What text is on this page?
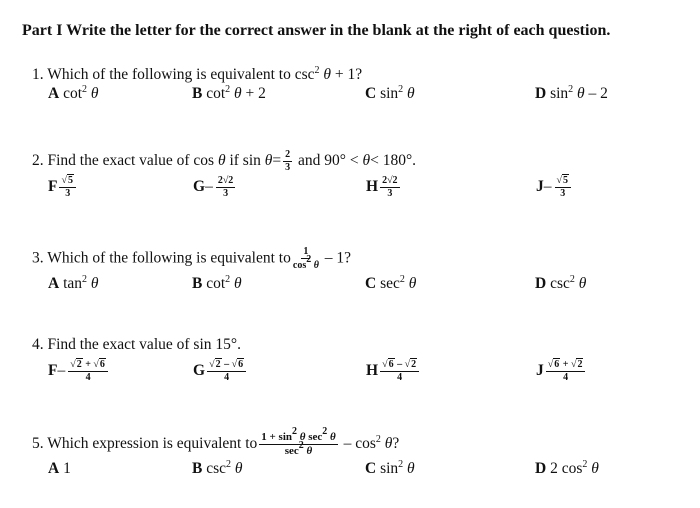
Part I Write the letter for the correct answer in the blank at the right of each question.
1. Which of the following is equivalent to $\csc^2 \theta + 1$?
A $\cot^2 \theta$	B $\cot^2 \theta + 2$	C $\sin^2 \theta$	D $\sin^2 \theta - 2$
2. Find the exact value of cos θ if $\sin \theta= \frac{2}{3}$ and 90° < θ< 180°.
F $\frac{√5}{3}$	$G- \frac{2√2}{3}$	H $\frac{2√2}{3}$	$J- \frac{√5}{3}$
3. Which of the following is equivalent to $\frac{1}{\cos^2 \theta} - 1$?
A $\tan^2 \theta$	B $\cot^2 \theta$	C $\sec^2 \theta$	D $\csc^2 \theta$
4. Find the exact value of sin 15°.
$F- \frac{√2 + √6}{4}$	G $\frac{√2 - √6}{4}$	H $\frac{√6 - √2}{4}$	J $\frac{√6 + √2}{4}$
5. Which expression is equivalent to $\frac{1 + \sin^2 \theta \sec^2 \theta}{\sec^2 \theta} - \cos^2 \theta$?
A 1	B $\csc^2 \theta$	C $\sin^2 \theta$	D 2 $\cos^2 \theta$
